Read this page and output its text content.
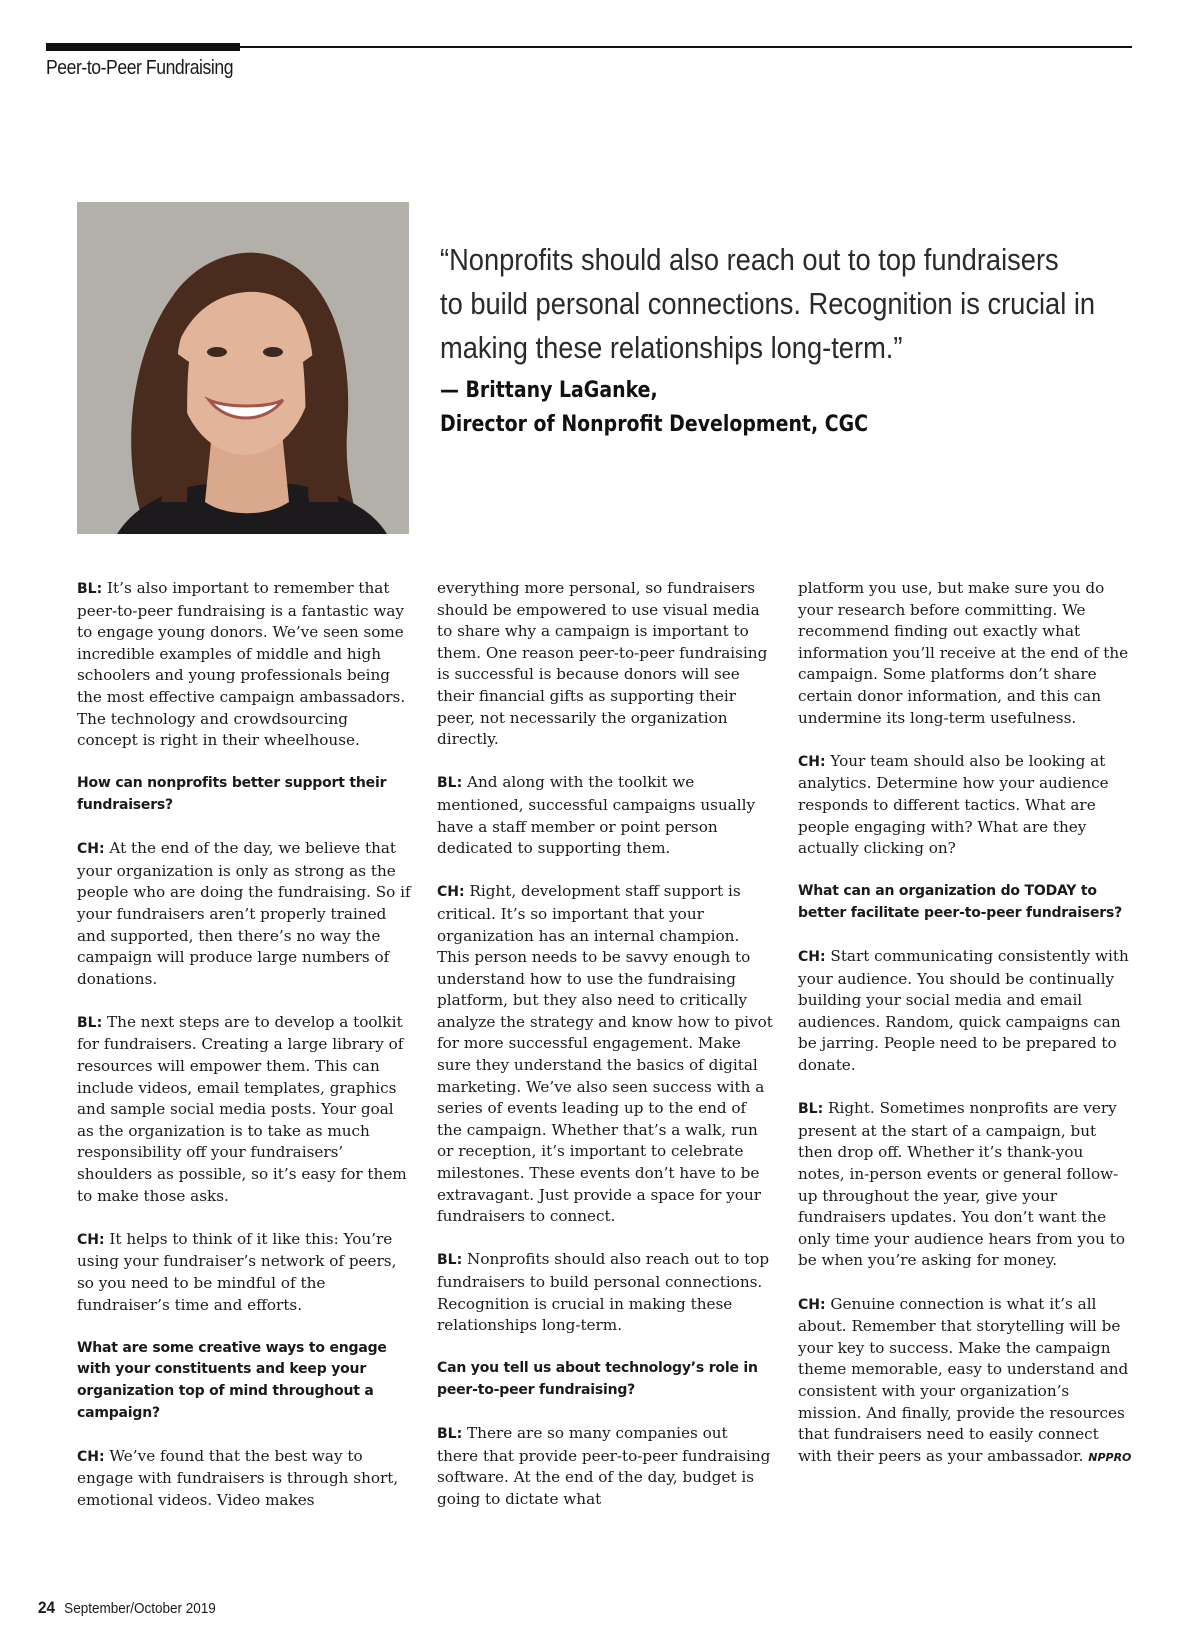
Peer-to-Peer Fundraising

“Nonprofits should also reach out to top fundraisers
to build personal connections. Recognition is crucial in
making these relationships long-term.”

— Brittany LaGanke,
Director of Nonprofit Development, CGC

BL: It’s also important to remember that peer-to-peer fundraising is a fantastic way to engage young donors. We’ve seen some incredible examples of middle and high schoolers and young professionals being the most effective campaign ambassadors. The technology and crowdsourcing concept is right in their wheelhouse.

How can nonprofits better support their fundraisers?

CH: At the end of the day, we believe that your organization is only as strong as the people who are doing the fundraising. So if your fundraisers aren’t properly trained and supported, then there’s no way the campaign will produce large numbers of donations.

BL: The next steps are to develop a toolkit for fundraisers. Creating a large library of resources will empower them. This can include videos, email templates, graphics and sample social media posts. Your goal as the organization is to take as much responsibility off your fundraisers’ shoulders as possible, so it’s easy for them to make those asks.

CH: It helps to think of it like this: You’re using your fundraiser’s network of peers, so you need to be mindful of the fundraiser’s time and efforts.

What are some creative ways to engage with your constituents and keep your organization top of mind throughout a campaign?

CH: We’ve found that the best way to engage with fundraisers is through short, emotional videos. Video makes

everything more personal, so fundraisers should be empowered to use visual media to share why a campaign is important to them. One reason peer-to-peer fundraising is successful is because donors will see their financial gifts as supporting their peer, not necessarily the organization directly.

BL: And along with the toolkit we mentioned, successful campaigns usually have a staff member or point person dedicated to supporting them.

CH: Right, development staff support is critical. It’s so important that your organization has an internal champion. This person needs to be savvy enough to understand how to use the fundraising platform, but they also need to critically analyze the strategy and know how to pivot for more successful engagement. Make sure they understand the basics of digital marketing. We’ve also seen success with a series of events leading up to the end of the campaign. Whether that’s a walk, run or reception, it’s important to celebrate milestones. These events don’t have to be extravagant. Just provide a space for your fundraisers to connect.

BL: Nonprofits should also reach out to top fundraisers to build personal connections. Recognition is crucial in making these relationships long-term.

Can you tell us about technology’s role in peer-to-peer fundraising?

BL: There are so many companies out there that provide peer-to-peer fundraising software. At the end of the day, budget is going to dictate what

platform you use, but make sure you do your research before committing. We recommend finding out exactly what information you’ll receive at the end of the campaign. Some platforms don’t share certain donor information, and this can undermine its long-term usefulness.

CH: Your team should also be looking at analytics. Determine how your audience responds to different tactics. What are people engaging with? What are they actually clicking on?

What can an organization do TODAY to better facilitate peer-to-peer fundraisers?

CH: Start communicating consistently with your audience. You should be continually building your social media and email audiences. Random, quick campaigns can be jarring. People need to be prepared to donate.

BL: Right. Sometimes nonprofits are very present at the start of a campaign, but then drop off. Whether it’s thank-you notes, in-person events or general follow-up throughout the year, give your fundraisers updates. You don’t want the only time your audience hears from you to be when you’re asking for money.

CH: Genuine connection is what it’s all about. Remember that storytelling will be your key to success. Make the campaign theme memorable, easy to understand and consistent with your organization’s mission. And finally, provide the resources that fundraisers need to easily connect with their peers as your ambassador. NPPRO

24 September/October 2019
